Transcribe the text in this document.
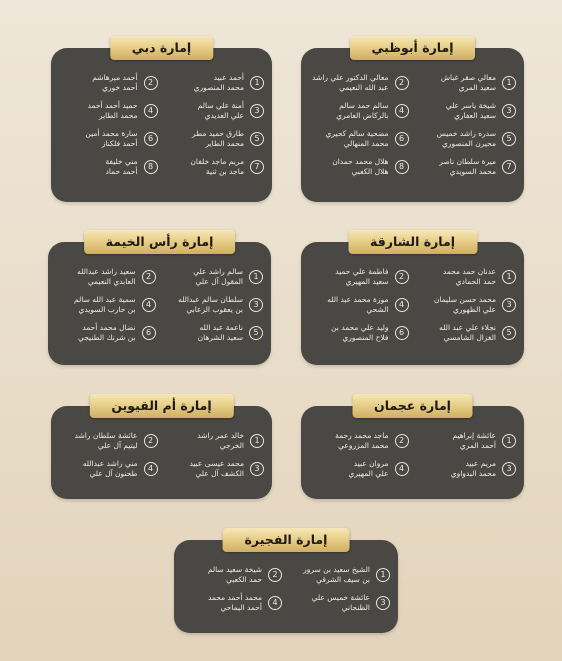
إمارة أبوظبي
1
معالي صقر غباش
سعيد المري
2
معالي الدكتور علي راشد
عبد الله النعيمي
3
شيخة ياسر علي
سعيد العفاري
4
سالم حمد سالم
بالركاض العامري
5
سدره راشد خميس
محيرن المنصوري
6
مضحية سالم كحيري
محمد المنهالي
7
ميرة سلطان ناصر
محمد السويدي
8
هلال محمد حمدان
هلال الكعبي
إمارة دبي
1
أحمد عبيد
محمد المنصوري
2
أحمد ميرهاشم
أحمد خوري
3
أمنة علي سالم
علي العديدي
4
حميد أحمد أحمد
محمد الطاير
5
طارق حميد مطر
محمد الطاير
6
سارة محمد أمين
أحمد فلكناز
7
مريم ماجد خلفان
ماجد بن ثنية
8
مني خليفة
أحمد حماد
إمارة الشارقة
1
عدنان حمد محمد
حمد الحمادي
2
فاطمة علي حميد
سعيد المهيري
3
محمد حسن سليمان
علي الظهوري
4
موزة محمد عبد الله
الشحي
5
نجلاء علي عبد الله
الغزال الشامسي
6
وليد علي محمد بن
فلاح المنصوري
إمارة رأس الخيمة
1
سالم راشد علي
المقول آل علي
2
سعيد راشد عبدالله
العابدي النعيمي
3
سلطان سالم عبدالله
بن يعقوب الزعابي
4
سمية عبد الله سالم
بن حارب السويدي
5
ناعمة عبد الله
سعيد الشرهان
6
نضال محمد أحمد
بن شرنك الطنيجي
إمارة عجمان
1
عائشة إبراهيم
أحمد المري
2
ماجد محمد رحمة
محمد المزروعي
3
مريم عبيد
محمد البدواوي
4
مروان عبيد
علي المهيري
إمارة أم القيوين
1
خالد عمر راشد
الخرجي
2
عائشة سلطان راشد
ليتيم آل علي
3
محمد عيسى عبيد
الكشف آل علي
4
مني راشد عبدالله
طحنون آل علي
إمارة الفجيرة
1
الشيخ سعيد بن سرور
بن سيف الشرقي
2
شيخة سعيد سالم
حمد الكعبي
3
عائشة خميس علي
الظنحاني
4
محمد أحمد محمد
أحمد اليماحي
